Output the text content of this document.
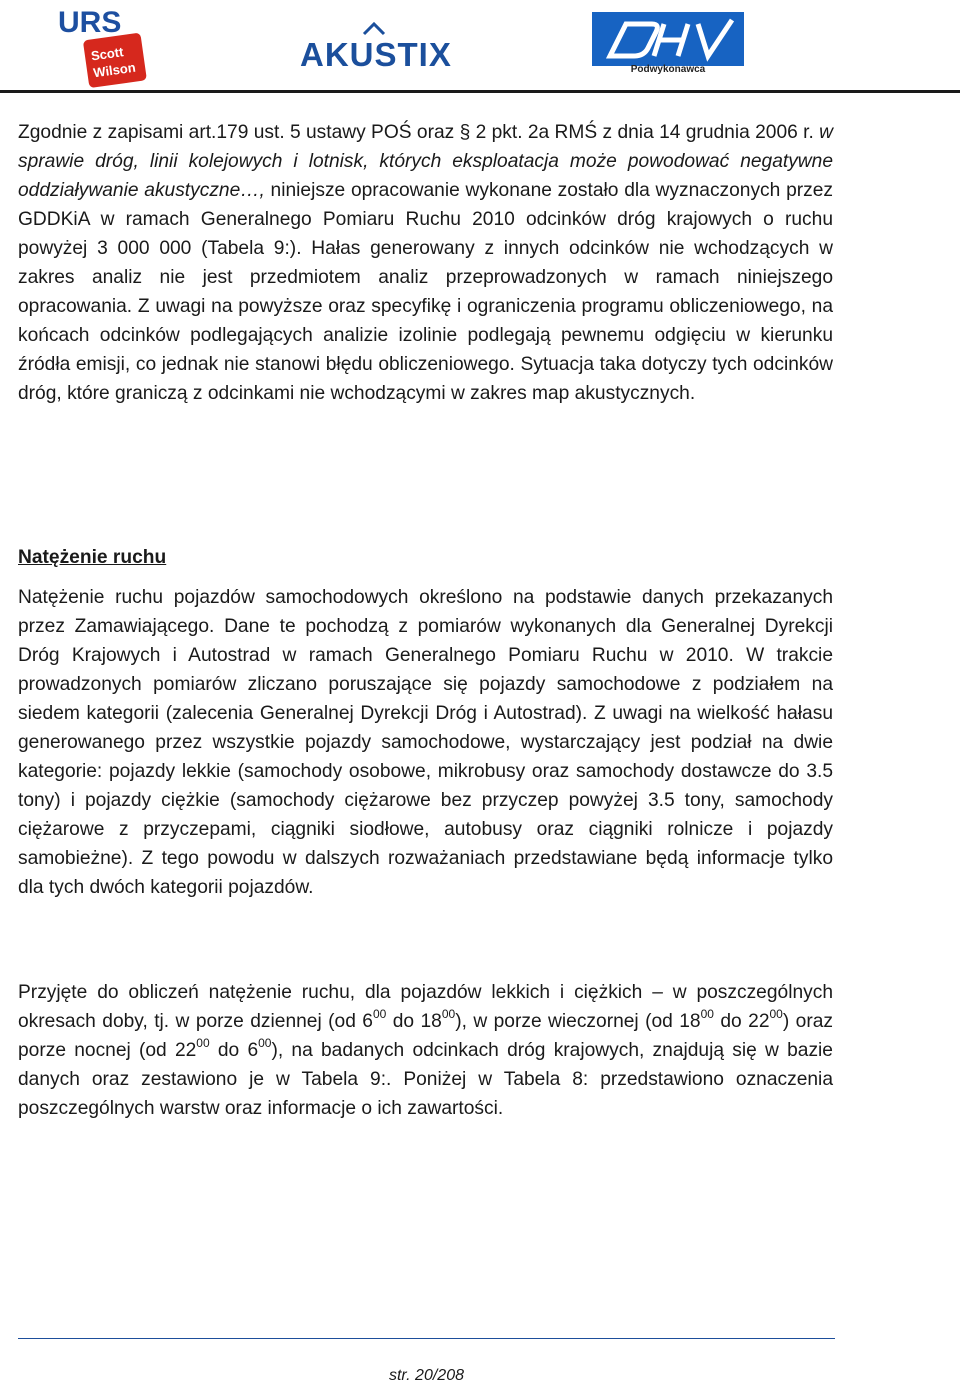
URS
Scott
Wilson	AKUSTIX	Podwykonawca

Zgodnie z zapisami art.179 ust. 5 ustawy POŚ oraz § 2 pkt. 2a RMŚ z dnia 14 grudnia 2006 r. w sprawie dróg, linii kolejowych i lotnisk, których eksploatacja może powodować negatywne oddziaływanie akustyczne…, niniejsze opracowanie wykonane zostało dla wyznaczonych przez GDDKiA w ramach Generalnego Pomiaru Ruchu 2010 odcinków dróg krajowych o ruchu powyżej 3 000 000 (Tabela 9:). Hałas generowany z innych odcinków nie wchodzących w zakres analiz nie jest przedmiotem analiz przeprowadzonych w ramach niniejszego opracowania. Z uwagi na powyższe oraz specyfikę i ograniczenia programu obliczeniowego, na końcach odcinków podlegających analizie izolinie podlegają pewnemu odgięciu w kierunku źródła emisji, co jednak nie stanowi błędu obliczeniowego. Sytuacja taka dotyczy tych odcinków dróg, które graniczą z odcinkami nie wchodzącymi w zakres map akustycznych.

Natężenie ruchu

Natężenie ruchu pojazdów samochodowych określono na podstawie danych przekazanych przez Zamawiającego. Dane te pochodzą z pomiarów wykonanych dla Generalnej Dyrekcji Dróg Krajowych i Autostrad w ramach Generalnego Pomiaru Ruchu w 2010. W trakcie prowadzonych pomiarów zliczano poruszające się pojazdy samochodowe z podziałem na siedem kategorii (zalecenia Generalnej Dyrekcji Dróg i Autostrad). Z uwagi na wielkość hałasu generowanego przez wszystkie pojazdy samochodowe, wystarczający jest podział na dwie kategorie: pojazdy lekkie (samochody osobowe, mikrobusy oraz samochody dostawcze do 3.5 tony) i pojazdy ciężkie (samochody ciężarowe bez przyczep powyżej 3.5 tony, samochody ciężarowe z przyczepami, ciągniki siodłowe, autobusy oraz ciągniki rolnicze i pojazdy samobieżne). Z tego powodu w dalszych rozważaniach przedstawiane będą informacje tylko dla tych dwóch kategorii pojazdów.

Przyjęte do obliczeń natężenie ruchu, dla pojazdów lekkich i ciężkich – w poszczególnych okresach doby, tj. w porze dziennej (od $6^{00}$ do $18^{00}$), w porze wieczornej (od $18^{00}$ do $22^{00}$) oraz porze nocnej (od $22^{00}$ do $6^{00}$), na badanych odcinkach dróg krajowych, znajdują się w bazie danych oraz zestawiono je w Tabela 9:. Poniżej w Tabela 8: przedstawiono oznaczenia poszczególnych warstw oraz informacje o ich zawartości.

str. 20/208
